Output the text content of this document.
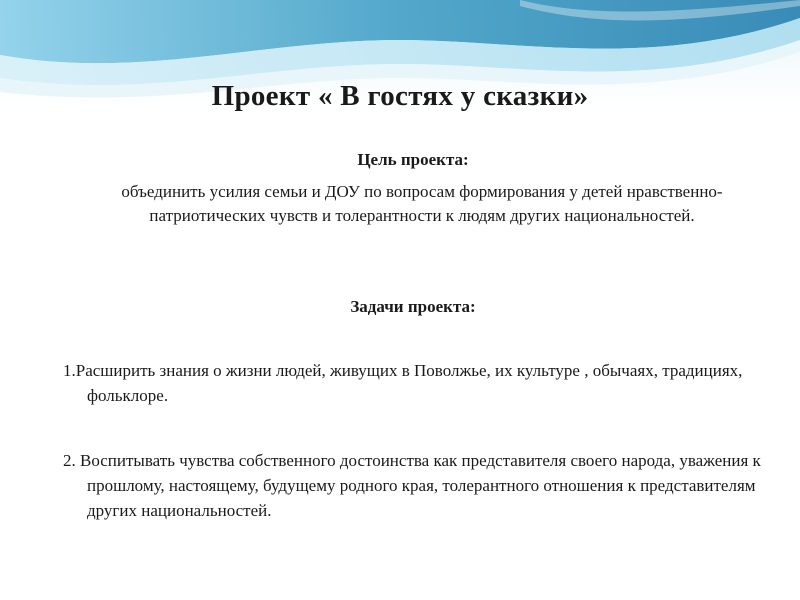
Проект « В гостях у сказки»
Цель проекта:
объединить усилия семьи и ДОУ по вопросам формирования у детей нравственно-патриотических чувств и толерантности к людям других национальностей.
Задачи проекта:
1.Расширить знания о жизни людей, живущих в Поволжье, их культуре , обычаях, традициях, фольклоре.
2. Воспитывать чувства собственного достоинства как представителя своего народа, уважения к прошлому, настоящему, будущему родного края, толерантного отношения к представителям других национальностей.
